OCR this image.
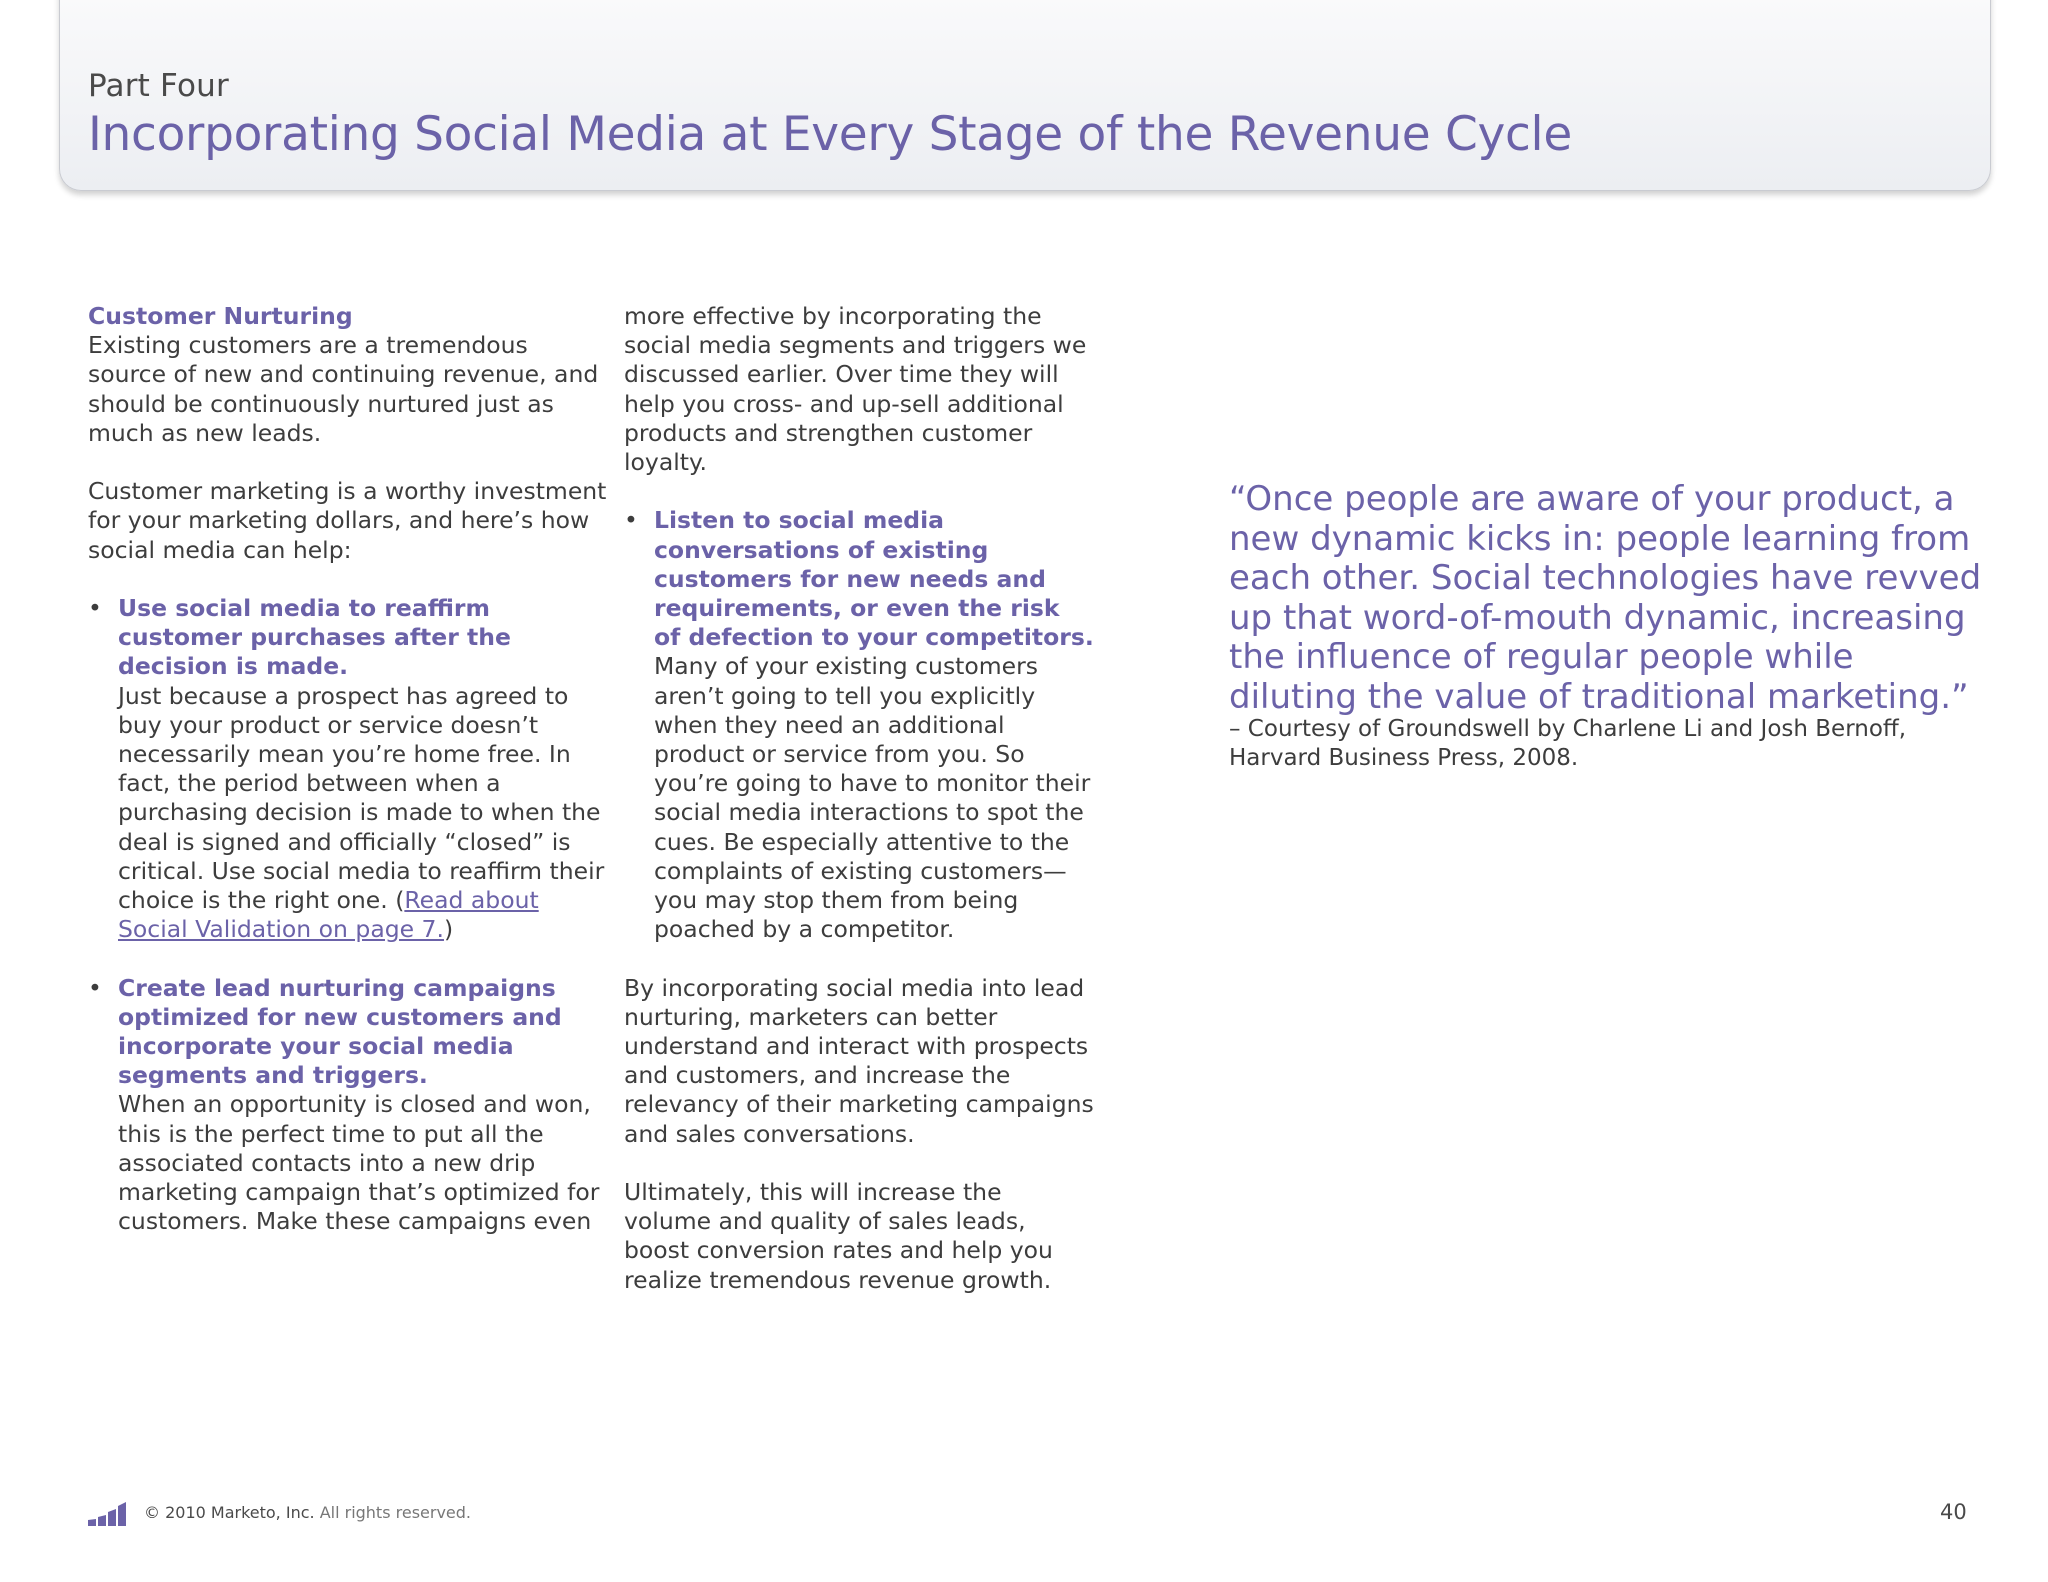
Part Four
Incorporating Social Media at Every Stage of the Revenue Cycle
Customer Nurturing

Existing customers are a tremendous source of new and continuing revenue, and should be continuously nurtured just as much as new leads.

Customer marketing is a worthy investment for your marketing dollars, and here’s how social media can help:

• Use social media to reaffirm customer purchases after the decision is made.
Just because a prospect has agreed to buy your product or service doesn’t necessarily mean you’re home free. In fact, the period between when a purchasing decision is made to when the deal is signed and officially “closed” is critical. Use social media to reaffirm their choice is the right one. (Read about Social Validation on page 7.)
• Create lead nurturing campaigns optimized for new customers and incorporate your social media segments and triggers.
When an opportunity is closed and won, this is the perfect time to put all the associated contacts into a new drip marketing campaign that’s optimized for customers. Make these campaigns even

more effective by incorporating the social media segments and triggers we discussed earlier. Over time they will help you cross- and up-sell additional products and strengthen customer loyalty.

• Listen to social media conversations of existing customers for new needs and requirements, or even the risk of defection to your competitors.
Many of your existing customers aren’t going to tell you explicitly when they need an additional product or service from you. So you’re going to have to monitor their social media interactions to spot the cues. Be especially attentive to the complaints of existing customers—you may stop them from being poached by a competitor.

By incorporating social media into lead nurturing, marketers can better understand and interact with prospects and customers, and increase the relevancy of their marketing campaigns and sales conversations.

Ultimately, this will increase the volume and quality of sales leads, boost conversion rates and help you realize tremendous revenue growth.

“Once people are aware of your product, a new dynamic kicks in: people learning from each other. Social technologies have revved up that word-of-mouth dynamic, increasing the influence of regular people while diluting the value of traditional marketing.”
– Courtesy of Groundswell by Charlene Li and Josh Bernoff, Harvard Business Press, 2008.
© 2010 Marketo, Inc. All rights reserved.	40
